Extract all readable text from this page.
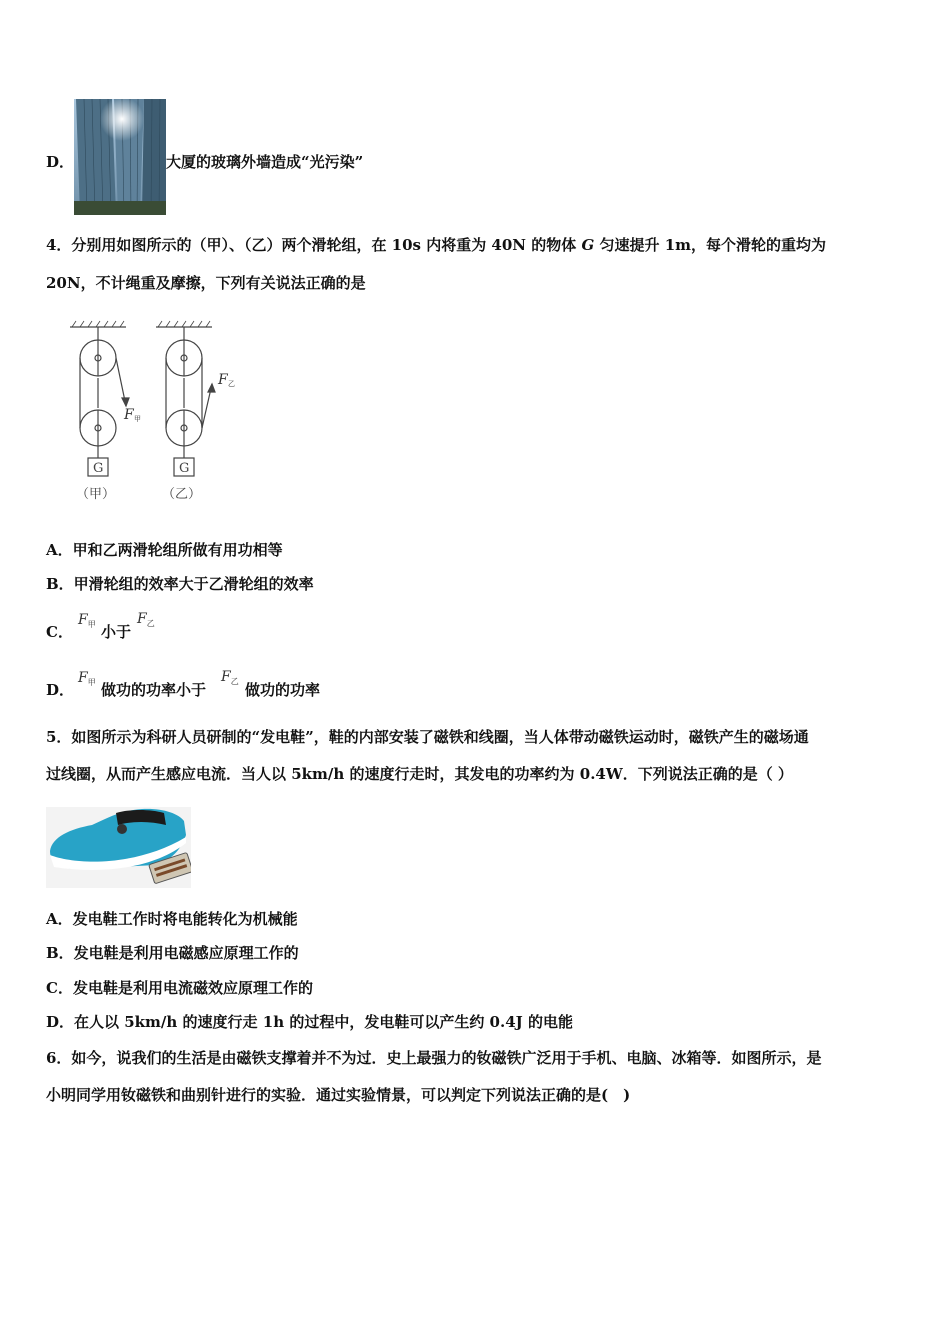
D．	大厦的玻璃外墙造成“光污染”
4．分别用如图所示的（甲）、（乙）两个滑轮组，在 10s 内将重为 40N 的物体 G 匀速提升 1m，每个滑轮的重均为
20N，不计绳重及摩擦，下列有关说法正确的是
G	G
F 甲
F 乙
（甲）	（乙）
A．甲和乙两滑轮组所做有用功相等
B．甲滑轮组的效率大于乙滑轮组的效率
C．
$F_甲$ 小于
$F_乙$
D．
$F_甲$ 做功的功率小于
$F_乙$ 做功的功率
5．如图所示为科研人员研制的“发电鞋”，鞋的内部安装了磁铁和线圈，当人体带动磁铁运动时，磁铁产生的磁场通
过线圈，从而产生感应电流．当人以 5km/h 的速度行走时，其发电的功率约为 0.4W．下列说法正确的是（ ）
A．发电鞋工作时将电能转化为机械能
B．发电鞋是利用电磁感应原理工作的
C．发电鞋是利用电流磁效应原理工作的
D．在人以 5km/h 的速度行走 1h 的过程中，发电鞋可以产生约 0.4J 的电能
6．如今，说我们的生活是由磁铁支撑着并不为过．史上最强力的钕磁铁广泛用于手机、电脑、冰箱等．如图所示，是
小明同学用钕磁铁和曲别针进行的实验．通过实验情景，可以判定下列说法正确的是(　)
